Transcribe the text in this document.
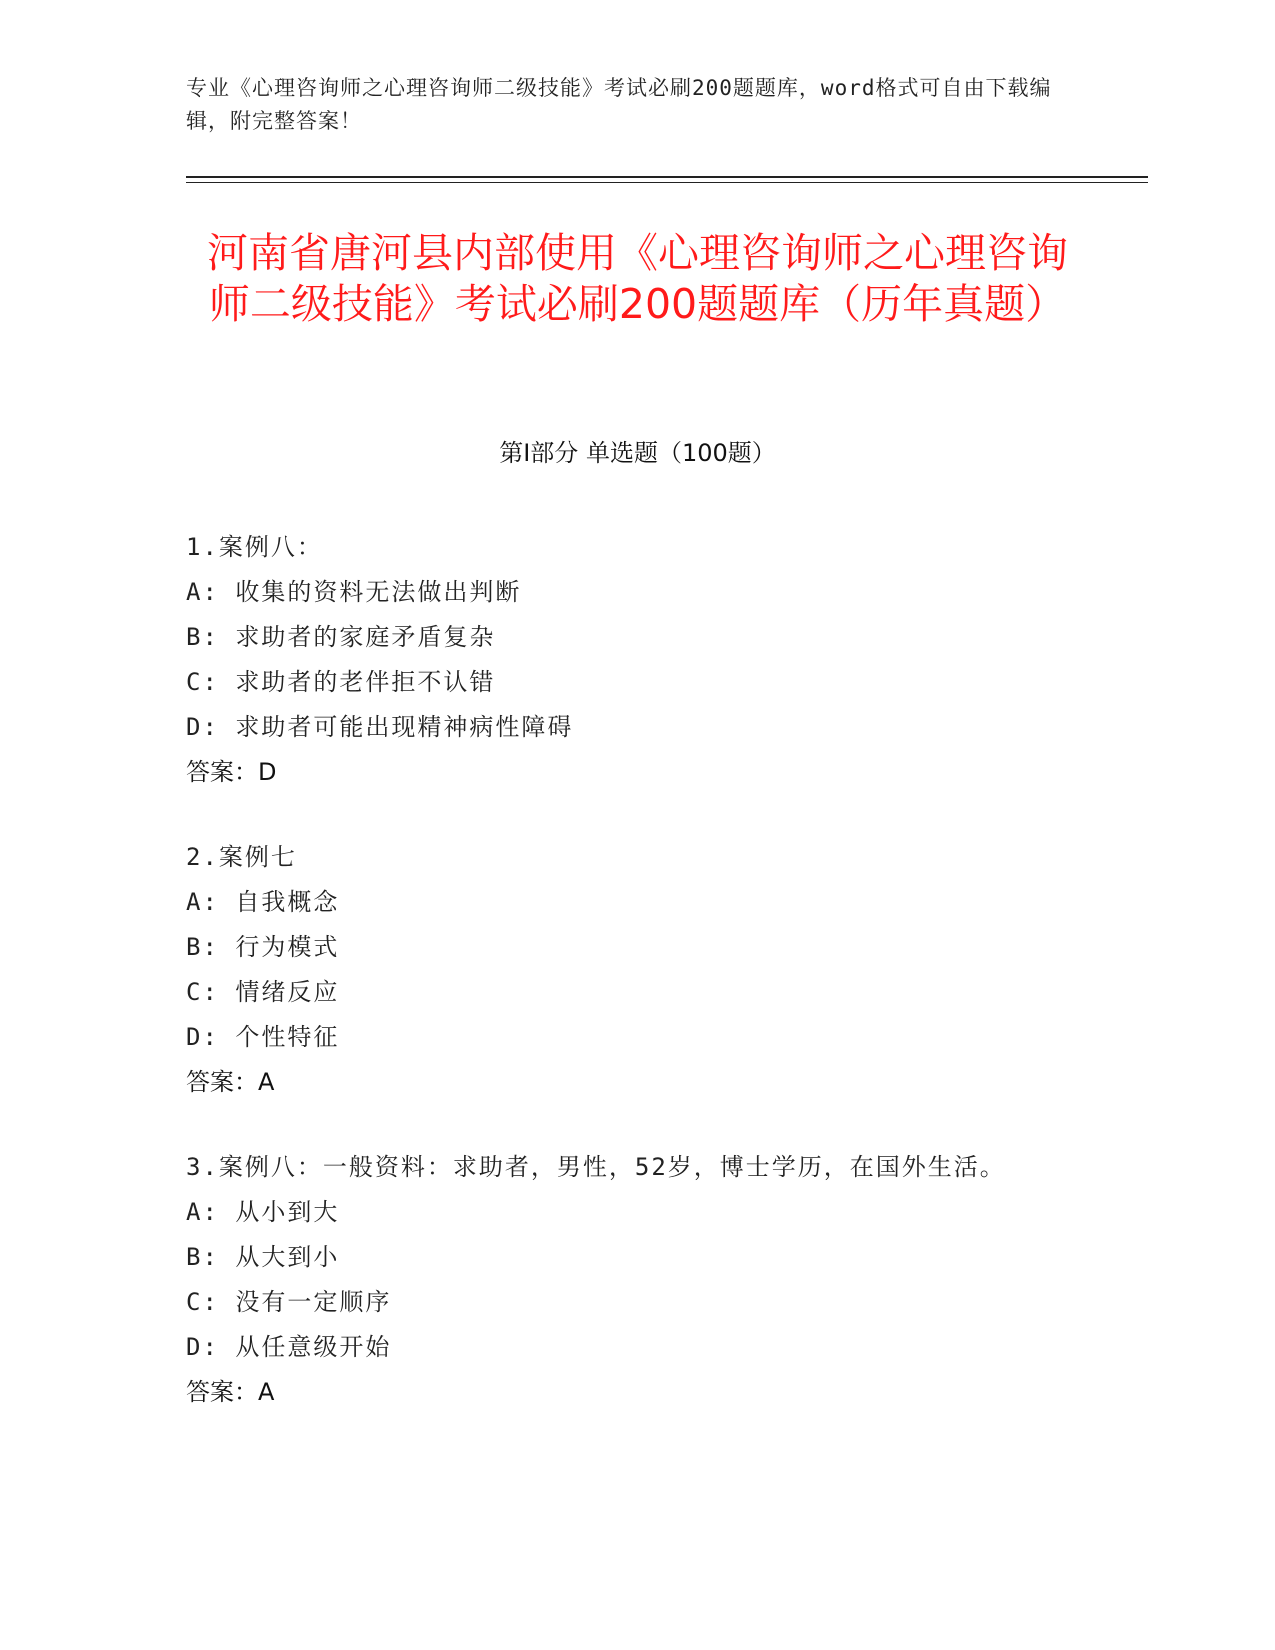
专业《心理咨询师之心理咨询师二级技能》考试必刷200题题库，word格式可自由下载编辑，附完整答案！
河南省唐河县内部使用《心理咨询师之心理咨询师二级技能》考试必刷200题题库（历年真题）
第Ⅰ部分 单选题（100题）

1.案例八：

A: 收集的资料无法做出判断

B: 求助者的家庭矛盾复杂

C: 求助者的老伴拒不认错

D: 求助者可能出现精神病性障碍

答案：D

2.案例七

A: 自我概念

B: 行为模式

C: 情绪反应

D: 个性特征

答案：A

3.案例八：一般资料：求助者，男性，52岁，博士学历，在国外生活。

A: 从小到大

B: 从大到小

C: 没有一定顺序

D: 从任意级开始

答案：A
